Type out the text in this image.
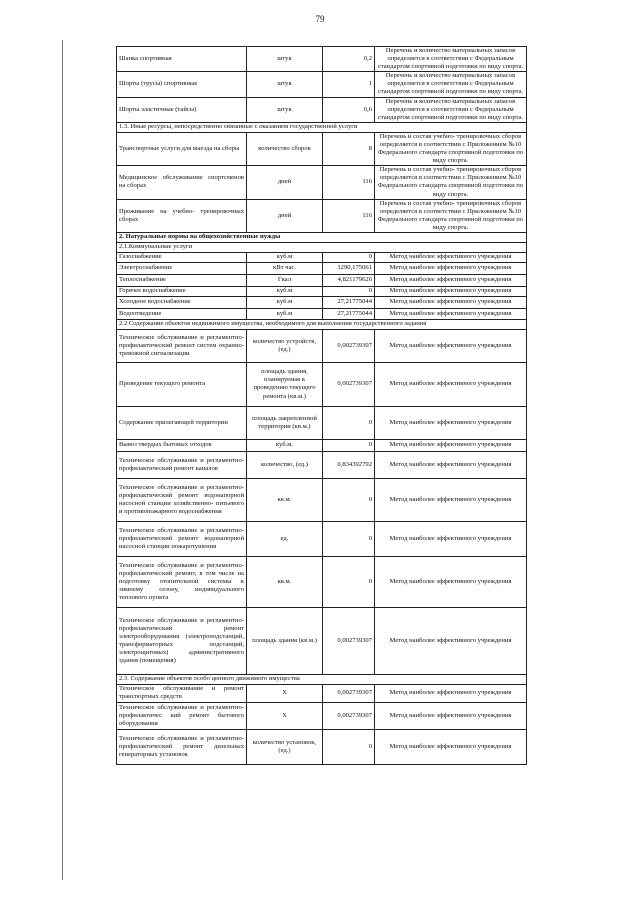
79
Шапка спортивная	штук	0,2	Перечень и количество материальных запасов определяется в соответствии с Федеральным стандартом спортивной подготовки по виду спорта.
Шорты (трусы) спортивные	штук	1	Перечень и количество материальных запасов определяется в соответствии с Федеральным стандартом спортивной подготовки по виду спорта.
Шорты эластичные (тайсы)	штук	0,6	Перечень и количество материальных запасов определяется в соответствии с Федеральным стандартом спортивной подготовки по виду спорта.
1.3. Иные ресурсы, непосредственно связанные с оказанием государственной услуги			
Транспортные услуги для выезда на сборы	количество сборов	8	Перечень и состав учебно- тренировочных сборов определяется в соответствии с Приложением №10 Федерального стандарта спортивной подготовки по виду спорта.
Медицинское обслуживание спортсменов на сборах	дней	116	Перечень и состав учебно- тренировочных сборов определяется в соответствии с Приложением №10 Федерального стандарта спортивной подготовки по виду спорта.
Проживание на учебно- тренировочных сборах	дней	116	Перечень и состав учебно- тренировочных сборов определяется в соответствии с Приложением №10 Федерального стандарта спортивной подготовки по виду спорта.
2. Натуральные нормы на общехозяйственные нужды			
2.1.Коммунальные услуги			
Газоснабжение	куб.м	0	Метод наиболее эффективного учреждения
Электроснабжение	кВт час.	1290,175061	Метод наиболее эффективного учреждения
Теплоснабжение	Гкал	4,821179626	Метод наиболее эффективного учреждения
Горячее водоснабжение	куб.м	0	Метод наиболее эффективного учреждения
Холодное водоснабжение	куб.м	27,21775044	Метод наиболее эффективного учреждения
Водоотведение	куб.м	27,21775044	Метод наиболее эффективного учреждения
2.2 Содержание объектов недвижимого имущества, необходимого для выполнения государственного задания			
Техническое обслуживание и регламентно- профилактический ремонт систем охранно- тревожной сигнализации	количество устройств, (ед.)	0,002739307	Метод наиболее эффективного учреждения
Проведение текущего ремонта	площадь здания, планируемая к проведению текущего ремонта (кв.м.)	0,002739307	Метод наиболее эффективного учреждения
Содержание прилегающей территории	площадь закрепленной территории (кв.м.)	0	Метод наиболее эффективного учреждения
Вывоз твердых бытовых отходов	куб.м.	0	Метод наиболее эффективного учреждения
Техническое обслуживание и регламентно- профилактический ремонт каналов	количество, (ед.)	0,834392792	Метод наиболее эффективного учреждения
Техническое обслуживание и регламентно- профилактический ремонт водонапорной насосной станции хозяйственно- питьевого и противопожарного водоснабжения	кв.м.	0	Метод наиболее эффективного учреждения
Техническое обслуживание и регламентно- профилактический ремонт водонапорной насосной станции пожаротушения	ед.	0	Метод наиболее эффективного учреждения
Техническое обслуживание и регламентно- профилактический ремонт, в том числе на подготовку отопительной системы к зимнему сезону, индивидуального теплового пункта	кв.м.	0	Метод наиболее эффективного учреждения
Техническое обслуживание и регламентно- профилактический ремонт электрооборудования (электроподстанций, трансформаторных подстанций, электрощитовых) административного здания (помещения)	площадь здания (кв.м.)	0,002739307	Метод наиболее эффективного учреждения
2.3. Содержание объектов особо ценного движимого имущества			
Техническое обслуживание и ремонт транспортных средств	Х	0,002739307	Метод наиболее эффективного учреждения
Техническое обслуживание и регламентно- профилактичес кий ремонт бытового оборудования	Х	0,002739307	Метод наиболее эффективного учреждения
Техническое обслуживание и регламентно- профилактический ремонт дизельных генераторных установок	количество установок, (ед.)	0	Метод наиболее эффективного учреждения
